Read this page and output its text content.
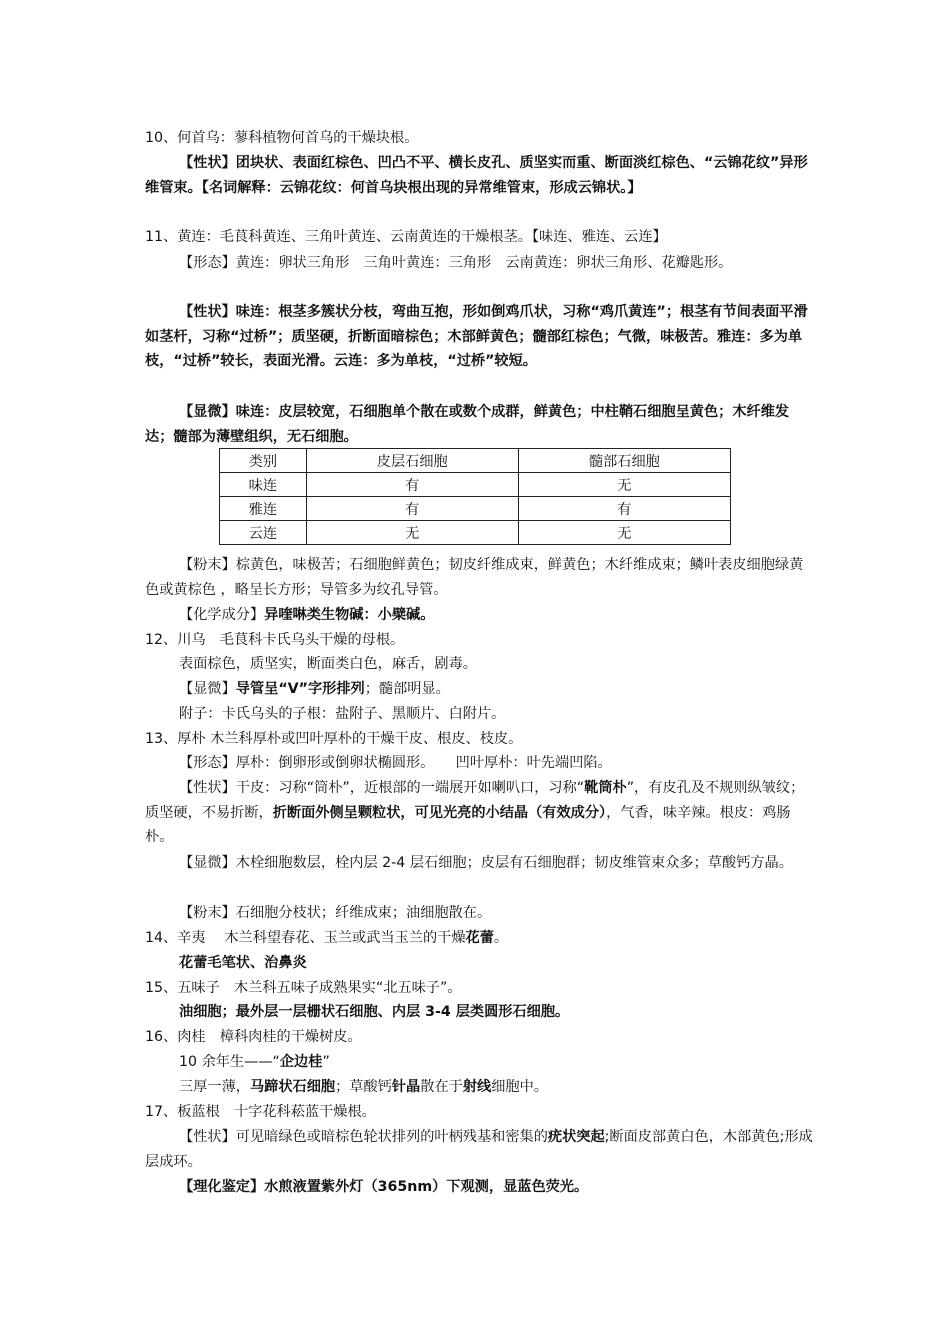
10、何首乌：蓼科植物何首乌的干燥块根。
【性状】团块状、表面红棕色、凹凸不平、横长皮孔、质坚实而重、断面淡红棕色、“云锦花纹”异形维管束。【名词解释：云锦花纹：何首乌块根出现的异常维管束，形成云锦状。】
11、黄连：毛茛科黄连、三角叶黄连、云南黄连的干燥根茎。【味连、雅连、云连】
【形态】黄连：卵状三角形　三角叶黄连：三角形　云南黄连：卵状三角形、花瓣匙形。
【性状】味连：根茎多簇状分枝，弯曲互抱，形如倒鸡爪状，习称“鸡爪黄连”；根茎有节间表面平滑如茎杆，习称“过桥”；质坚硬，折断面暗棕色；木部鲜黄色；髓部红棕色；气微，味极苦。雅连：多为单枝，“过桥”较长，表面光滑。云连：多为单枝，“过桥”较短。
【显微】味连：皮层较宽，石细胞单个散在或数个成群，鲜黄色；中柱鞘石细胞呈黄色；木纤维发达；髓部为薄壁组织，无石细胞。
类别	皮层石细胞	髓部石细胞
味连	有	无
雅连	有	有
云连	无	无
【粉末】棕黄色，味极苦；石细胞鲜黄色；韧皮纤维成束，鲜黄色；木纤维成束；鳞叶表皮细胞绿黄色或黄棕色 ，略呈长方形；导管多为纹孔导管。
【化学成分】异喹啉类生物碱：小檗碱。
12、川乌　毛茛科卡氏乌头干燥的母根。
表面棕色，质坚实，断面类白色，麻舌，剧毒。
【显微】导管呈“V”字形排列；髓部明显。
附子：卡氏乌头的子根：盐附子、黑顺片、白附片。
13、厚朴 木兰科厚朴或凹叶厚朴的干燥干皮、根皮、枝皮。
【形态】厚朴：倒卵形或倒卵状椭圆形。　　凹叶厚朴：叶先端凹陷。
【性状】干皮：习称“筒朴”，近根部的一端展开如喇叭口，习称“靴筒朴”，有皮孔及不规则纵皱纹；质坚硬，不易折断，折断面外侧呈颗粒状，可见光亮的小结晶（有效成分），气香，味辛辣。根皮：鸡肠朴。
【显微】木栓细胞数层，栓内层 2-4 层石细胞；皮层有石细胞群；韧皮维管束众多；草酸钙方晶。
【粉末】石细胞分枝状；纤维成束；油细胞散在。
14、辛夷　 木兰科望春花、玉兰或武当玉兰的干燥花蕾。
花蕾毛笔状、治鼻炎
15、五味子　木兰科五味子成熟果实“北五味子”。
油细胞；最外层一层栅状石细胞、内层 3-4 层类圆形石细胞。
16、肉桂　樟科肉桂的干燥树皮。
10 余年生——“企边桂”
三厚一薄，马蹄状石细胞；草酸钙针晶散在于射线细胞中。
17、板蓝根　十字花科菘蓝干燥根。
【性状】可见暗绿色或暗棕色轮状排列的叶柄残基和密集的疣状突起;断面皮部黄白色，木部黄色;形成层成环。
【理化鉴定】水煎液置紫外灯（365nm）下观测，显蓝色荧光。
